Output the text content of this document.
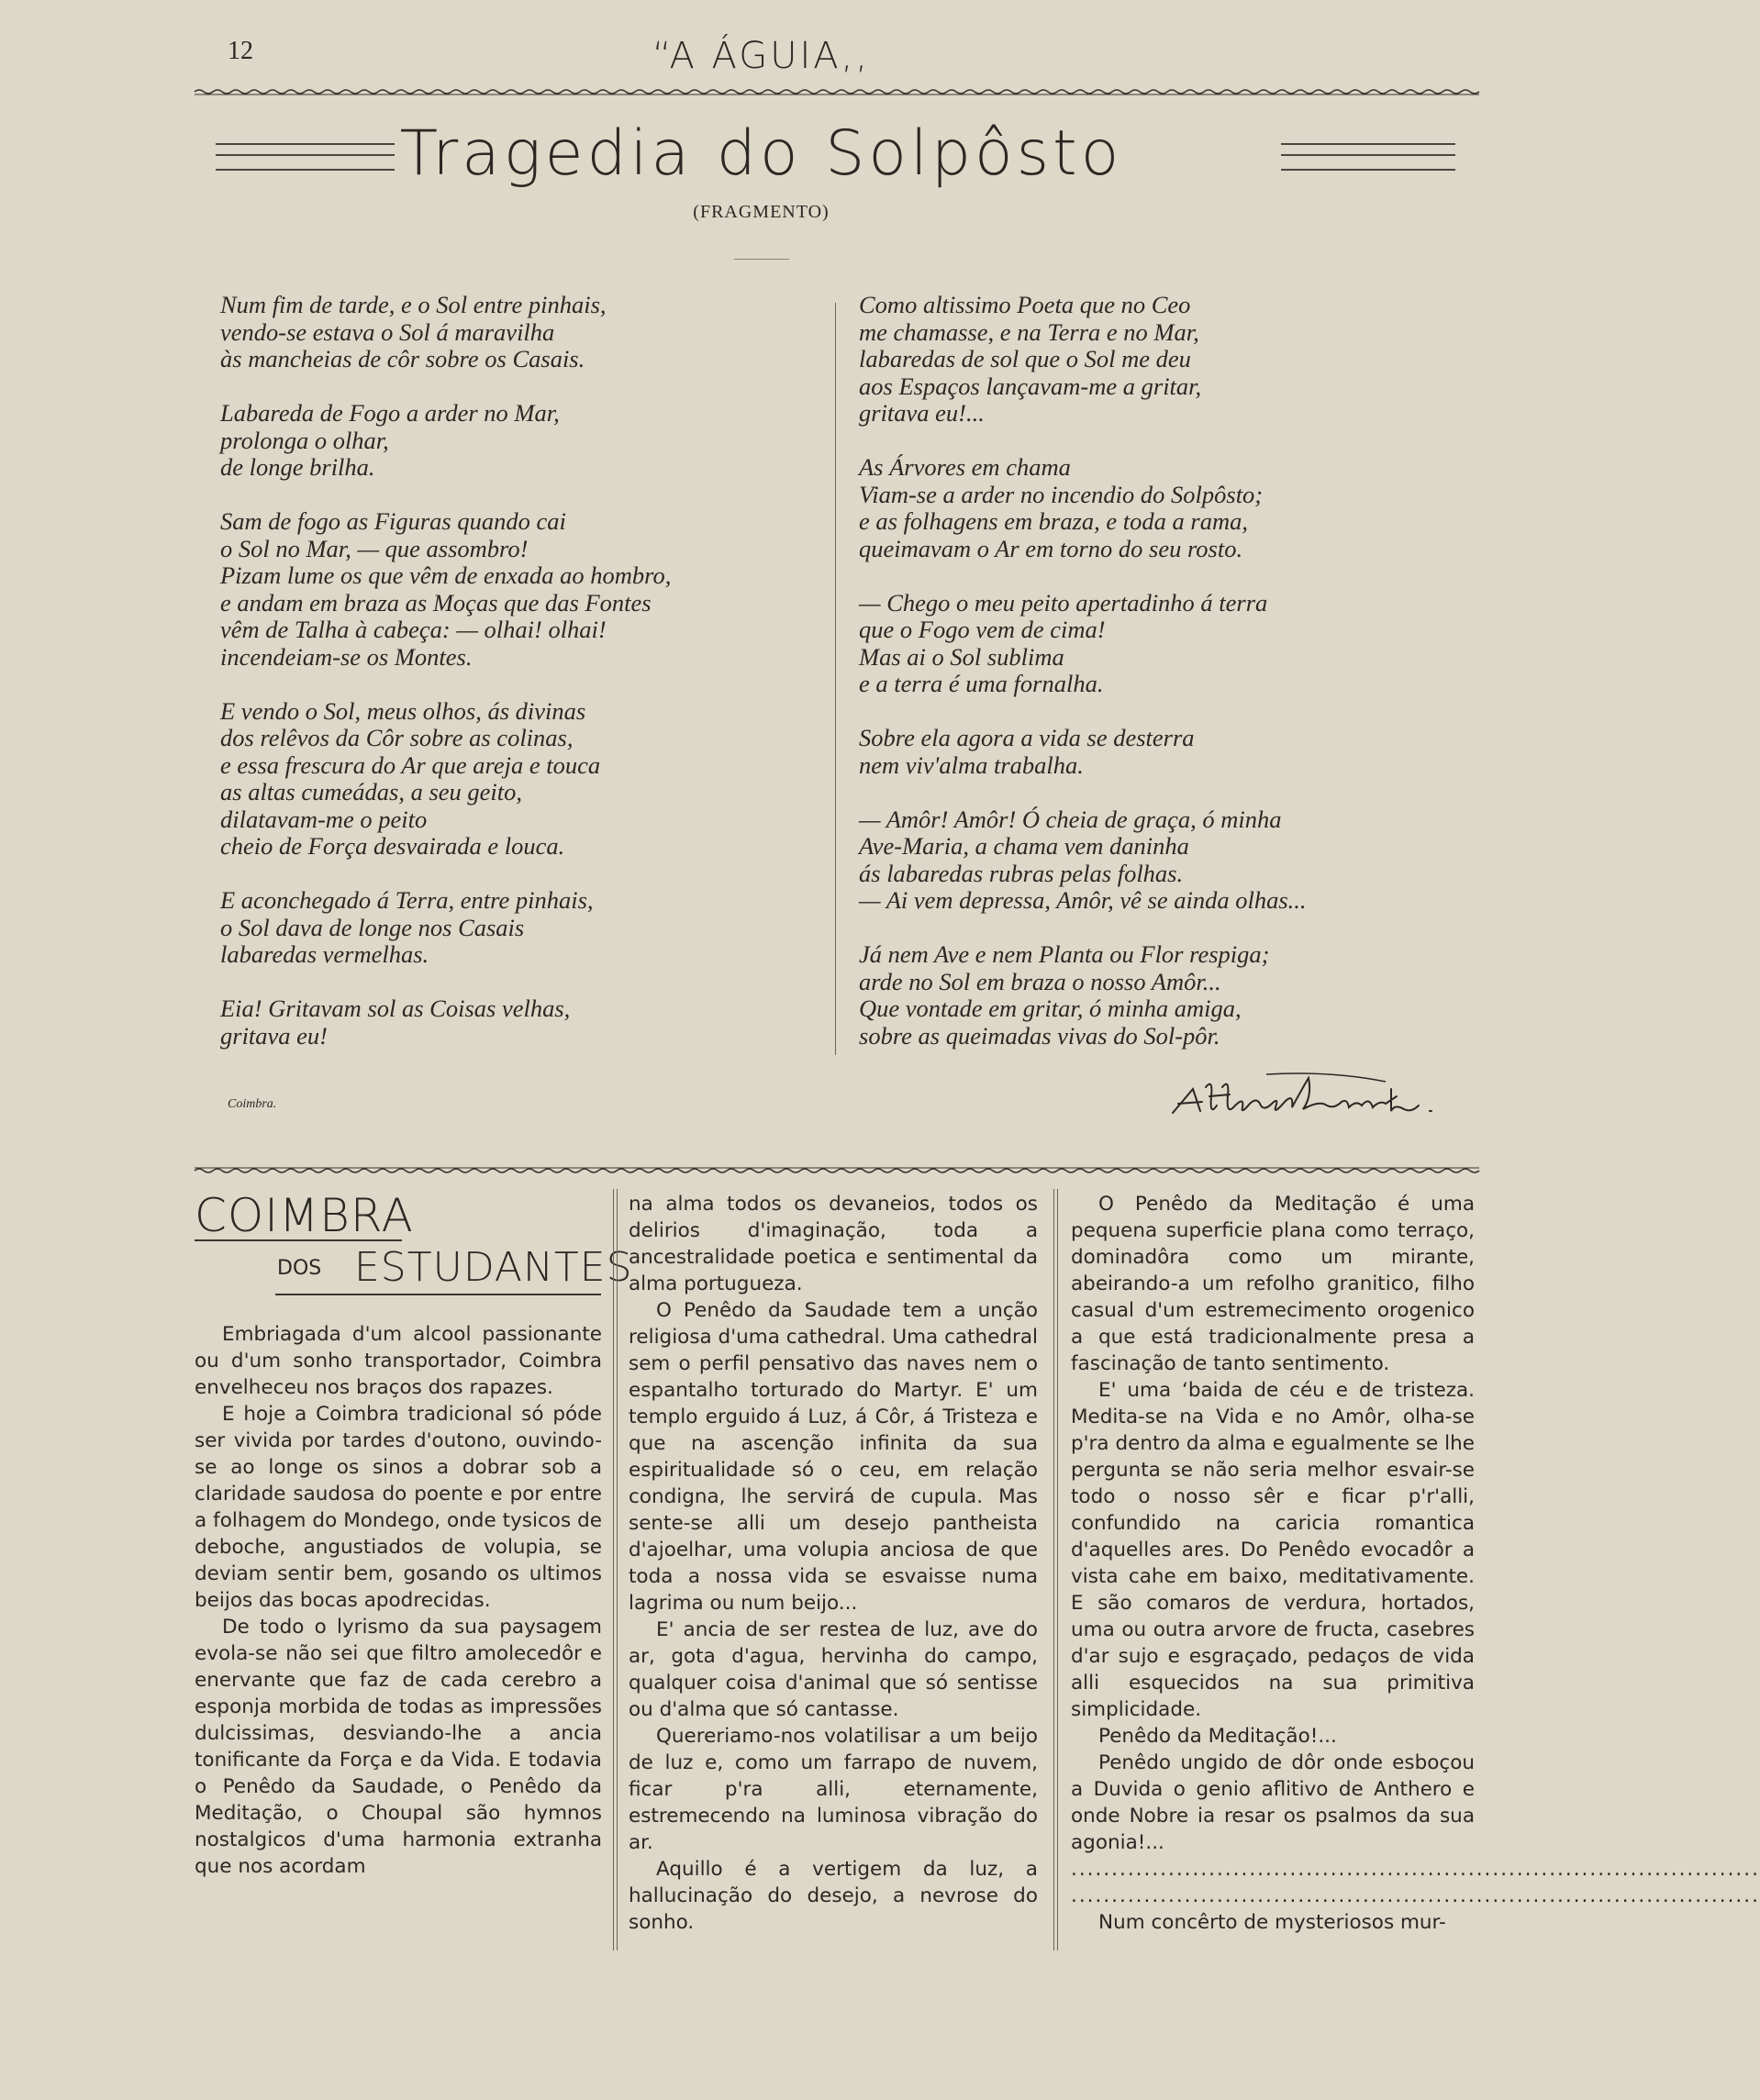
12	“A ÁGUIA,,
Tragedia do Solpôsto
(FRAGMENTO)
Num fim de tarde, e o Sol entre pinhais,
vendo-se estava o Sol á maravilha
às mancheias de côr sobre os Casais.
Labareda de Fogo a arder no Mar,
prolonga o olhar,
de longe brilha.
Sam de fogo as Figuras quando cai
o Sol no Mar, — que assombro!
Pizam lume os que vêm de enxada ao hombro,
e andam em braza as Moças que das Fontes
vêm de Talha à cabeça: — olhai! olhai!
incendeiam-se os Montes.
E vendo o Sol, meus olhos, ás divinas
dos relêvos da Côr sobre as colinas,
e essa frescura do Ar que areja e touca
as altas cumeádas, a seu geito,
dilatavam-me o peito
cheio de Força desvairada e louca.
E aconchegado á Terra, entre pinhais,
o Sol dava de longe nos Casais
labaredas vermelhas.
Eia! Gritavam sol as Coisas velhas,
gritava eu!
Como altissimo Poeta que no Ceo
me chamasse, e na Terra e no Mar,
labaredas de sol que o Sol me deu
aos Espaços lançavam-me a gritar,
gritava eu!...
As Árvores em chama
Viam-se a arder no incendio do Solpôsto;
e as folhagens em braza, e toda a rama,
queimavam o Ar em torno do seu rosto.
— Chego o meu peito apertadinho á terra
que o Fogo vem de cima!
Mas ai o Sol sublima
e a terra é uma fornalha.
Sobre ela agora a vida se desterra
nem viv'alma trabalha.
— Amôr! Amôr! Ó cheia de graça, ó minha
Ave-Maria, a chama vem daninha
ás labaredas rubras pelas folhas.
— Ai vem depressa, Amôr, vê se ainda olhas...
Já nem Ave e nem Planta ou Flor respiga;
arde no Sol em braza o nosso Amôr...
Que vontade em gritar, ó minha amiga,
sobre as queimadas vivas do Sol-pôr.
Coimbra.
COIMBRA
DOS ESTUDANTES

Embriagada d'um alcool passionante ou d'um sonho transportador, Coimbra envelheceu nos braços dos rapazes.

E hoje a Coimbra tradicional só póde ser vivida por tardes d'outono, ouvindo-se ao longe os sinos a dobrar sob a claridade saudosa do poente e por entre a folhagem do Mondego, onde tysicos de deboche, angustiados de volupia, se deviam sentir bem, gosando os ultimos beijos das bocas apodrecidas.

De todo o lyrismo da sua paysagem evola-se não sei que filtro amolecedôr e enervante que faz de cada cerebro a esponja morbida de todas as impressões dulcissimas, desviando-lhe a ancia tonificante da Força e da Vida. E todavia o Penêdo da Saudade, o Penêdo da Meditação, o Choupal são hymnos nostalgicos d'uma harmonia extranha que nos acordam

na alma todos os devaneios, todos os delirios d'imaginação, toda a ancestralidade poetica e sentimental da alma portugueza.

O Penêdo da Saudade tem a unção religiosa d'uma cathedral. Uma cathedral sem o perfil pensativo das naves nem o espantalho torturado do Martyr. E' um templo erguido á Luz, á Côr, á Tristeza e que na ascenção infinita da sua espiritualidade só o ceu, em relação condigna, lhe servirá de cupula. Mas sente-se alli um desejo pantheista d'ajoelhar, uma volupia anciosa de que toda a nossa vida se esvaisse numa lagrima ou num beijo...

E' ancia de ser restea de luz, ave do ar, gota d'agua, hervinha do campo, qualquer coisa d'animal que só sentisse ou d'alma que só cantasse.

Quereriamo-nos volatilisar a um beijo de luz e, como um farrapo de nuvem, ficar p'ra alli, eternamente, estremecendo na luminosa vibração do ar.

Aquillo é a vertigem da luz, a hallucinação do desejo, a nevrose do sonho.

O Penêdo da Meditação é uma pequena superficie plana como terraço, dominadôra como um mirante, abeirando-a um refolho granitico, filho casual d'um estremecimento orogenico a que está tradicionalmente presa a fascinação de tanto sentimento.

E' uma ‘baida de céu e de tristeza. Medita-se na Vida e no Amôr, olha-se p'ra dentro da alma e egualmente se lhe pergunta se não seria melhor esvair-se todo o nosso sêr e ficar p'r'alli, confundido na caricia romantica d'aquelles ares. Do Penêdo evocadôr a vista cahe em baixo, meditativamente. E são comaros de verdura, hortados, uma ou outra arvore de fructa, casebres d'ar sujo e esgraçado, pedaços de vida alli esquecidos na sua primitiva simplicidade.

Penêdo da Meditação!...

Penêdo ungido de dôr onde esboçou a Duvida o genio aflitivo de Anthero e onde Nobre ia resar os psalmos da sua agonia!...

.....................................................................................

.....................................................................................

Num concêrto de mysteriosos mur-
